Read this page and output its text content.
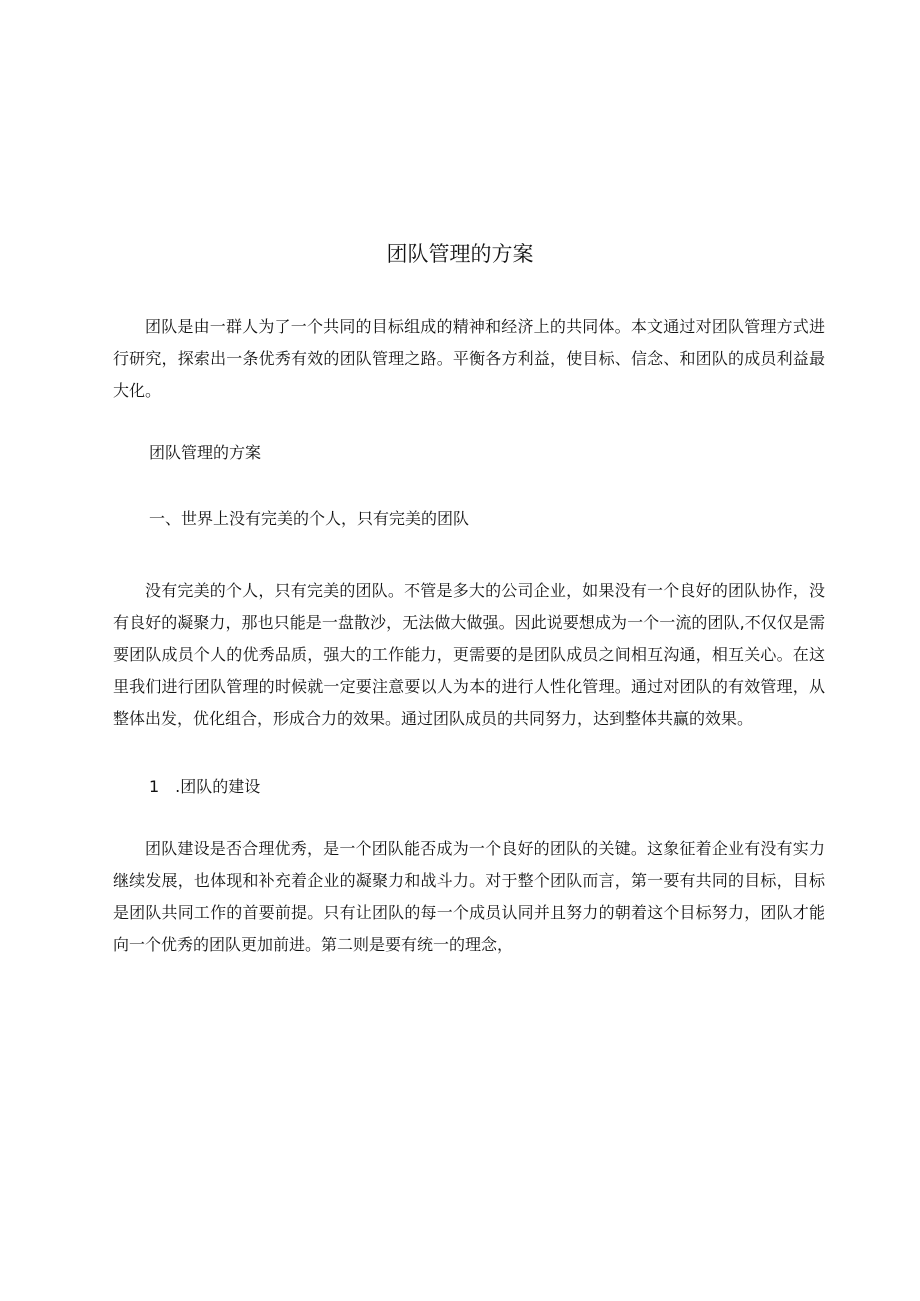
团队管理的方案

团队是由一群人为了一个共同的目标组成的精神和经济上的共同体。本文通过对团队管理方式进行研究，探索出一条优秀有效的团队管理之路。平衡各方利益，使目标、信念、和团队的成员利益最大化。

团队管理的方案

一、世界上没有完美的个人，只有完美的团队

没有完美的个人，只有完美的团队。不管是多大的公司企业，如果没有一个良好的团队协作，没有良好的凝聚力，那也只能是一盘散沙，无法做大做强。因此说要想成为一个一流的团队,不仅仅是需要团队成员个人的优秀品质，强大的工作能力，更需要的是团队成员之间相互沟通，相互关心。在这里我们进行团队管理的时候就一定要注意要以人为本的进行人性化管理。通过对团队的有效管理，从整体出发，优化组合，形成合力的效果。通过团队成员的共同努力，达到整体共赢的效果。

1　.团队的建设

团队建设是否合理优秀，是一个团队能否成为一个良好的团队的关键。这象征着企业有没有实力继续发展，也体现和补充着企业的凝聚力和战斗力。对于整个团队而言，第一要有共同的目标，目标是团队共同工作的首要前提。只有让团队的每一个成员认同并且努力的朝着这个目标努力，团队才能向一个优秀的团队更加前进。第二则是要有统一的理念，
